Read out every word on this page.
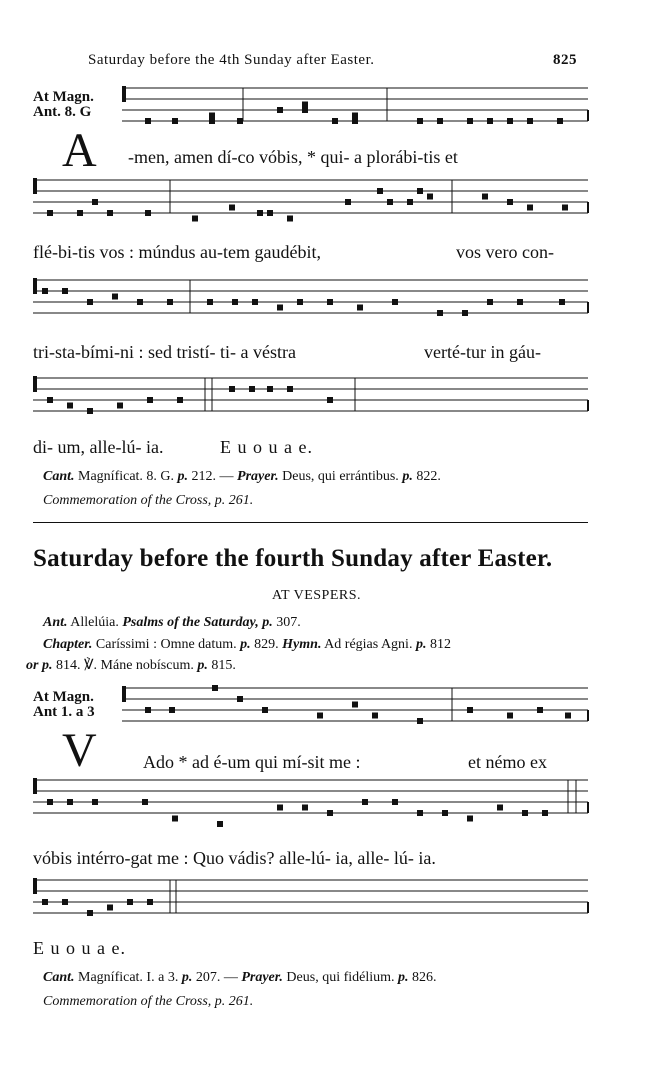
Saturday before the 4th Sunday after Easter.	825
At Magn.
Ant. 8. G
A -men, amen dí-co vóbis, * qui- a plorábi-tis et
flé-bi-tis vos : múndus au-tem gaudébit,	vos vero con-
tri-sta-bími-ni : sed tristí- ti- a véstra	verté-tur in gáu-
di- um, alle-lú- ia.	E u o u a e.
Cant. Magníficat. 8. G. p. 212. — Prayer. Deus, qui errántibus. p. 822.
Commemoration of the Cross, p. 261.
Saturday before the fourth Sunday after Easter.
AT VESPERS.
Ant. Allelúia. Psalms of the Saturday, p. 307.
Chapter. Caríssimi : Omne datum. p. 829. Hymn. Ad régias Agni. p. 812
or p. 814. ℣. Máne nobíscum. p. 815.
At Magn.
Ant 1. a 3
V	Ado * ad é-um qui mí-sit me :	et némo ex
vóbis intérro-gat me : Quo vádis? alle-lú- ia, alle- lú- ia.
E u o u a e.
Cant. Magníficat. I. a 3. p. 207. — Prayer. Deus, qui fidélium. p. 826.
Commemoration of the Cross, p. 261.
